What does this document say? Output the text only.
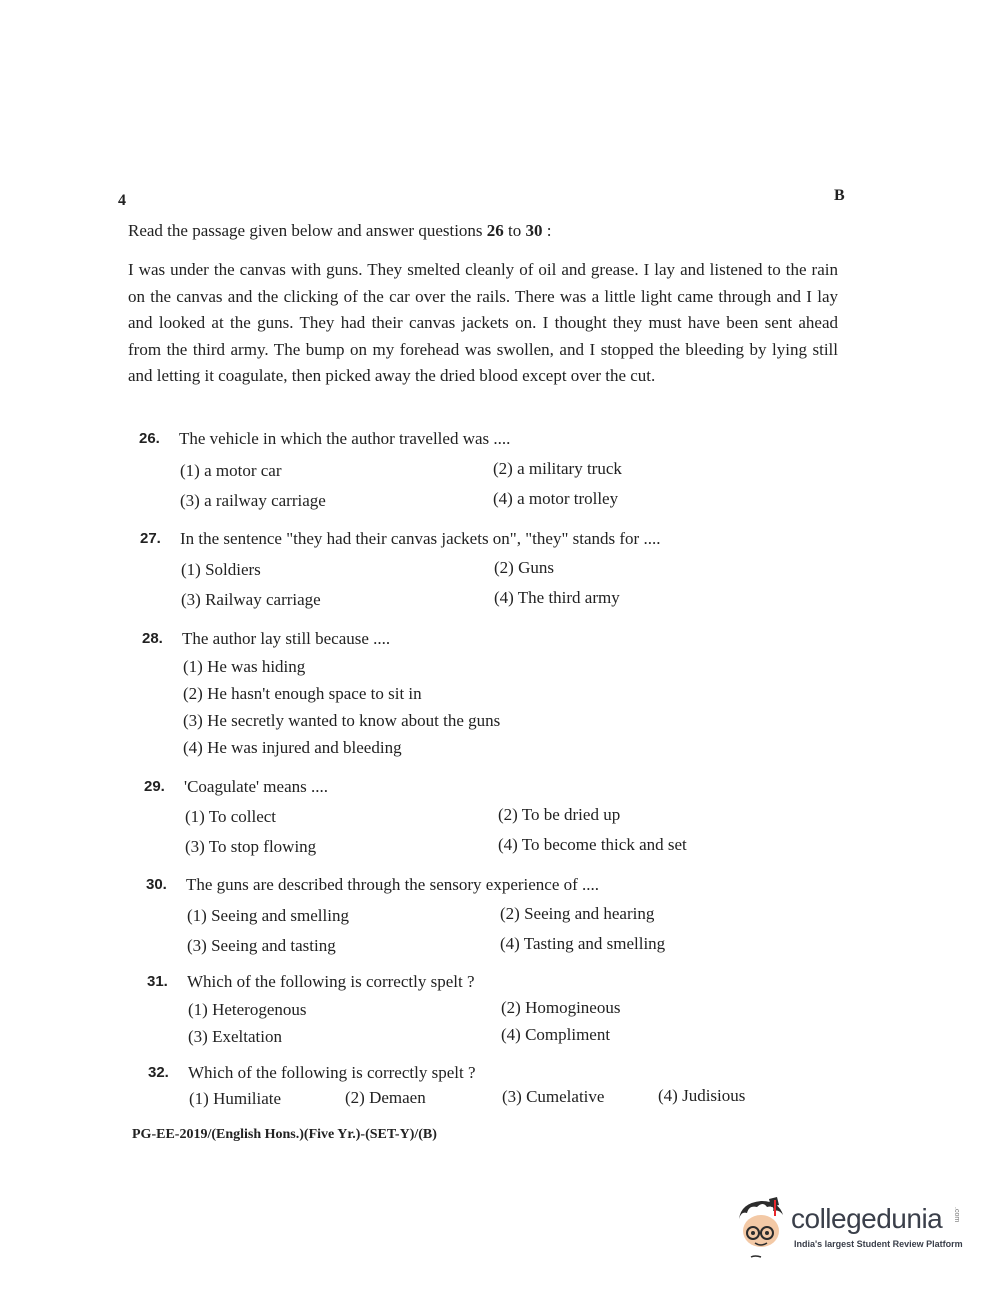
4	B
Read the passage given below and answer questions 26 to 30 :
I was under the canvas with guns. They smelted cleanly of oil and grease. I lay and listened to the rain on the canvas and the clicking of the car over the rails. There was a little light came through and I lay and looked at the guns. They had their canvas jackets on. I thought they must have been sent ahead from the third army. The bump on my forehead was swollen, and I stopped the bleeding by lying still and letting it coagulate, then picked away the dried blood except over the cut.
26. The vehicle in which the author travelled was ....
(1) a motor car	(2) a military truck
(3) a railway carriage	(4) a motor trolley
27. In the sentence "they had their canvas jackets on", "they" stands for ....
(1) Soldiers	(2) Guns
(3) Railway carriage	(4) The third army
28. The author lay still because ....
(1) He was hiding
(2) He hasn't enough space to sit in
(3) He secretly wanted to know about the guns
(4) He was injured and bleeding
29. 'Coagulate' means ....
(1) To collect	(2) To be dried up
(3) To stop flowing	(4) To become thick and set
30. The guns are described through the sensory experience of ....
(1) Seeing and smelling	(2) Seeing and hearing
(3) Seeing and tasting	(4) Tasting and smelling
31. Which of the following is correctly spelt ?
(1) Heterogenous	(2) Homogineous
(3) Exeltation	(4) Compliment
32. Which of the following is correctly spelt ?
(1) Humiliate	(2) Demaen	(3) Cumelative	(4) Judisious
PG-EE-2019/(English Hons.)(Five Yr.)-(SET-Y)/(B)
collegedunia .com
India's largest Student Review Platform
